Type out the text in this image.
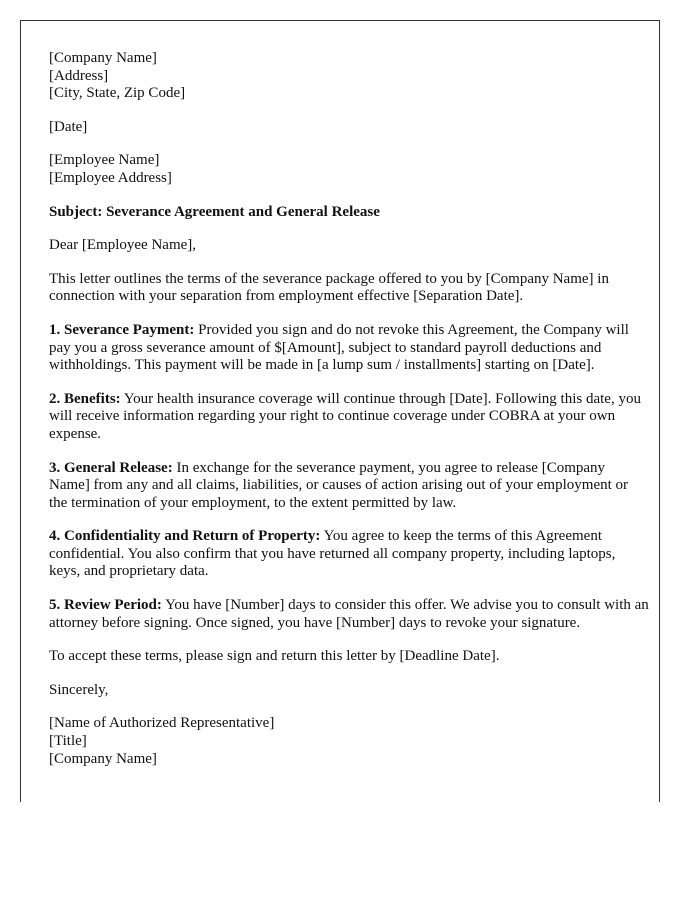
[Company Name]
[Address]
[City, State, Zip Code]
[Date]
[Employee Name]
[Employee Address]

Subject: Severance Agreement and General Release

Dear [Employee Name],

This letter outlines the terms of the severance package offered to you by [Company Name] in connection with your separation from employment effective [Separation Date].

1. Severance Payment: Provided you sign and do not revoke this Agreement, the Company will pay you a gross severance amount of $[Amount], subject to standard payroll deductions and withholdings. This payment will be made in [a lump sum / installments] starting on [Date].

2. Benefits: Your health insurance coverage will continue through [Date]. Following this date, you will receive information regarding your right to continue coverage under COBRA at your own expense.

3. General Release: In exchange for the severance payment, you agree to release [Company Name] from any and all claims, liabilities, or causes of action arising out of your employment or the termination of your employment, to the extent permitted by law.

4. Confidentiality and Return of Property: You agree to keep the terms of this Agreement confidential. You also confirm that you have returned all company property, including laptops, keys, and proprietary data.

5. Review Period: You have [Number] days to consider this offer. We advise you to consult with an attorney before signing. Once signed, you have [Number] days to revoke your signature.

To accept these terms, please sign and return this letter by [Deadline Date].

Sincerely,

[Name of Authorized Representative]
[Title]
[Company Name]
